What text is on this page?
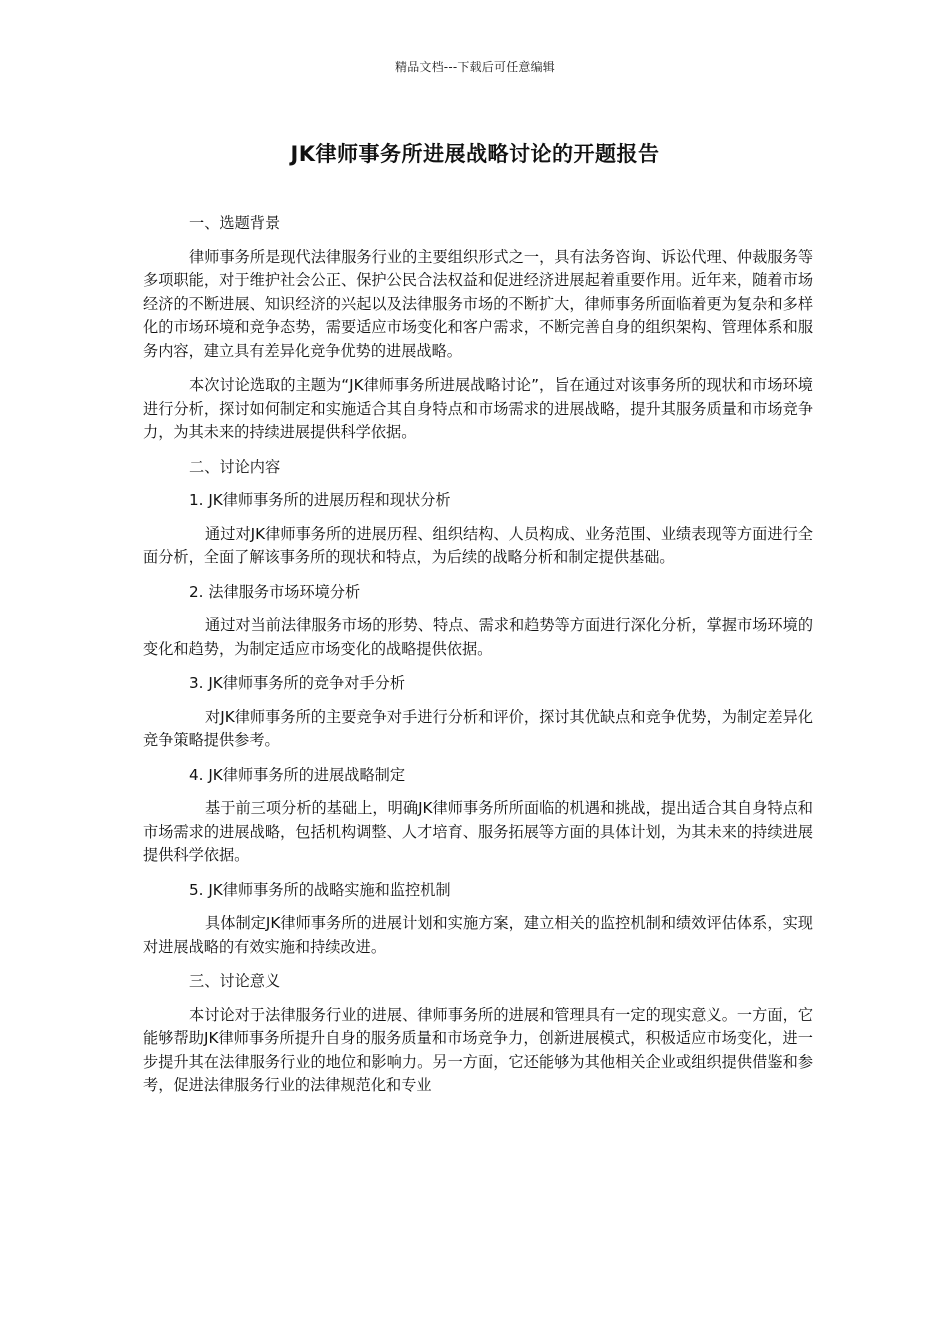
精品文档---下载后可任意编辑
JK律师事务所进展战略讨论的开题报告

一、选题背景

律师事务所是现代法律服务行业的主要组织形式之一，具有法务咨询、诉讼代理、仲裁服务等多项职能，对于维护社会公正、保护公民合法权益和促进经济进展起着重要作用。近年来，随着市场经济的不断进展、知识经济的兴起以及法律服务市场的不断扩大，律师事务所面临着更为复杂和多样化的市场环境和竞争态势，需要适应市场变化和客户需求，不断完善自身的组织架构、管理体系和服务内容，建立具有差异化竞争优势的进展战略。

本次讨论选取的主题为“JK律师事务所进展战略讨论”，旨在通过对该事务所的现状和市场环境进行分析，探讨如何制定和实施适合其自身特点和市场需求的进展战略，提升其服务质量和市场竞争力，为其未来的持续进展提供科学依据。

二、讨论内容

1. JK律师事务所的进展历程和现状分析

通过对JK律师事务所的进展历程、组织结构、人员构成、业务范围、业绩表现等方面进行全面分析，全面了解该事务所的现状和特点，为后续的战略分析和制定提供基础。

2. 法律服务市场环境分析

通过对当前法律服务市场的形势、特点、需求和趋势等方面进行深化分析，掌握市场环境的变化和趋势，为制定适应市场变化的战略提供依据。

3. JK律师事务所的竞争对手分析

对JK律师事务所的主要竞争对手进行分析和评价，探讨其优缺点和竞争优势，为制定差异化竞争策略提供参考。

4. JK律师事务所的进展战略制定

基于前三项分析的基础上，明确JK律师事务所所面临的机遇和挑战，提出适合其自身特点和市场需求的进展战略，包括机构调整、人才培育、服务拓展等方面的具体计划，为其未来的持续进展提供科学依据。

5. JK律师事务所的战略实施和监控机制

具体制定JK律师事务所的进展计划和实施方案，建立相关的监控机制和绩效评估体系，实现对进展战略的有效实施和持续改进。

三、讨论意义

本讨论对于法律服务行业的进展、律师事务所的进展和管理具有一定的现实意义。一方面，它能够帮助JK律师事务所提升自身的服务质量和市场竞争力，创新进展模式，积极适应市场变化，进一步提升其在法律服务行业的地位和影响力。另一方面，它还能够为其他相关企业或组织提供借鉴和参考，促进法律服务行业的法律规范化和专业
